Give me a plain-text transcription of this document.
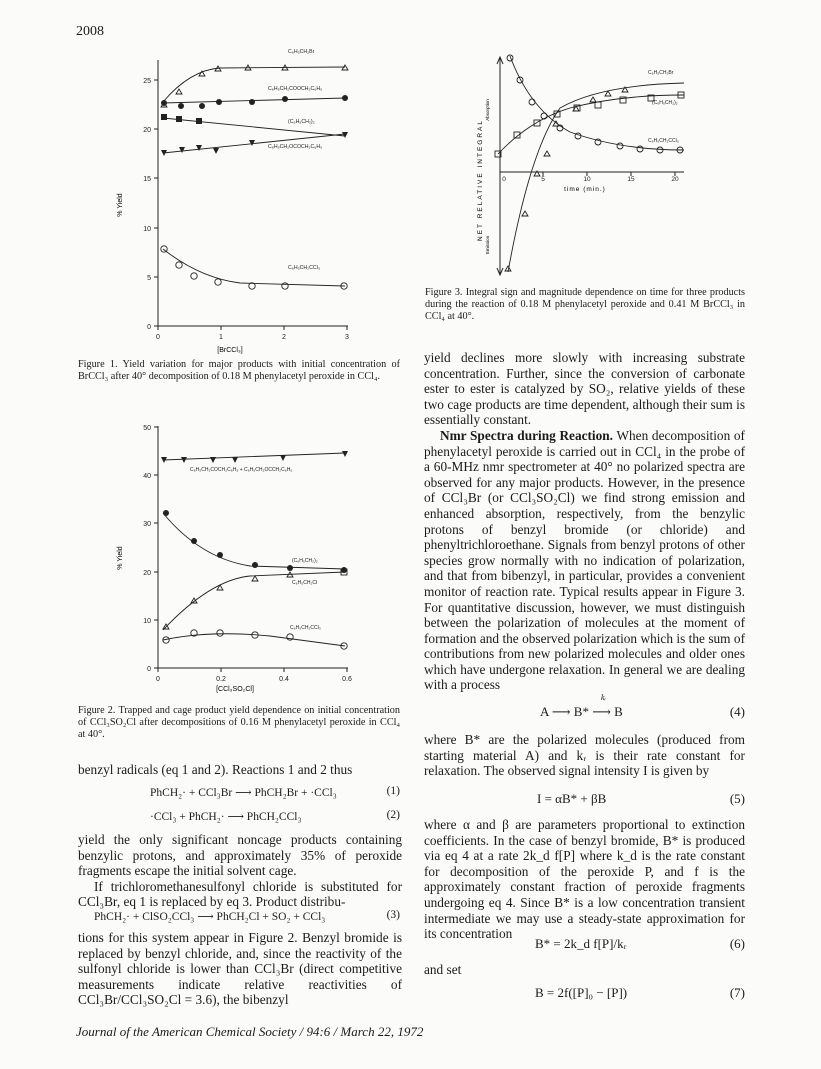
2008
0
5
10
15
20
25
0	1	2	3
% Yield
[BrCCl₃]
C₆H₅CH₂Br
C₆H₅CH₂COOCH₂C₆H₅
(C₆H₅CH₂)₂
C₆H₅CH₂OCOCH₂C₆H₅
C₆H₅CH₂CCl₃
Figure 1. Yield variation for major products with initial concentration of BrCCl₃ after 40° decomposition of 0.18 M phenylacetyl peroxide in CCl₄.
0
10
20
30
40
50
0	0.2	0.4	0.6
% Yield
[CCl₃SO₂Cl]
C₆H₅CH₂COCH₂C₆H₅ + C₆H₅CH₂OCCH₂C₆H₅
(C₆H₅CH₂)₂
C₆H₅CH₂Cl
C₆H₅CH₂CCl₃
Figure 2. Trapped and cage product yield dependence on initial concentration of CCl₃SO₂Cl after decompositions of 0.16 M phenylacetyl peroxide in CCl₄ at 40°.
0	5	10	15	20
time (min.)
NET RELATIVE INTEGRAL
Absorption
Emission
C₆H₅CH₂Br
(C₆H₅CH₂)₂
C₆H₅CH₂CCl₃
Figure 3. Integral sign and magnitude dependence on time for three products during the reaction of 0.18 M phenylacetyl peroxide and 0.41 M BrCCl₃ in CCl₄ at 40°.

benzyl radicals (eq 1 and 2). Reactions 1 and 2 thus

PhCH₂· + CCl₃Br ⟶ PhCH₂Br + ·CCl₃	(1)
·CCl₃ + PhCH₂· ⟶ PhCH₂CCl₃	(2)

yield the only significant noncage products containing benzylic protons, and approximately 35% of peroxide fragments escape the initial solvent cage.

If trichloromethanesulfonyl chloride is substituted for CCl₃Br, eq 1 is replaced by eq 3. Product distribu-

PhCH₂· + ClSO₂CCl₃ ⟶ PhCH₂Cl + SO₂ + CCl₃	(3)

tions for this system appear in Figure 2. Benzyl bromide is replaced by benzyl chloride, and, since the reactivity of the sulfonyl chloride is lower than CCl₃Br (direct competitive measurements indicate relative reactivities of CCl₃Br/CCl₃SO₂Cl = 3.6), the bibenzyl

yield declines more slowly with increasing substrate concentration. Further, since the conversion of carbonate ester to ester is catalyzed by SO₂, relative yields of these two cage products are time dependent, although their sum is essentially constant.

Nmr Spectra during Reaction. When decomposition of phenylacetyl peroxide is carried out in CCl₄ in the probe of a 60-MHz nmr spectrometer at 40° no polarized spectra are observed for any major products. However, in the presence of CCl₃Br (or CCl₃SO₂Cl) we find strong emission and enhanced absorption, respectively, from the benzylic protons of benzyl bromide (or chloride) and phenyltrichloroethane. Signals from benzyl protons of other species grow normally with no indication of polarization, and that from bibenzyl, in particular, provides a convenient monitor of reaction rate. Typical results appear in Figure 3. For quantitative discussion, however, we must distinguish between the polarization of molecules at the moment of formation and the observed polarization which is the sum of contributions from new polarized molecules and older ones which have undergone relaxation. In general we are dealing with a process

A ⟶ B* ⟶ B	(4)
kᵣ

where B* are the polarized molecules (produced from starting material A) and kᵣ is their rate constant for relaxation. The observed signal intensity I is given by

I = αB* + βB	(5)

where α and β are parameters proportional to extinction coefficients. In the case of benzyl bromide, B* is produced via eq 4 at a rate 2k_d f[P] where k_d is the rate constant for decomposition of the peroxide P, and f is the approximately constant fraction of peroxide fragments undergoing eq 4. Since B* is a low concentration transient intermediate we may use a steady-state approximation for its concentration

B* = 2k_d f[P]/kᵣ	(6)

and set

B = 2f([P]₀ − [P])	(7)
Journal of the American Chemical Society / 94:6 / March 22, 1972
